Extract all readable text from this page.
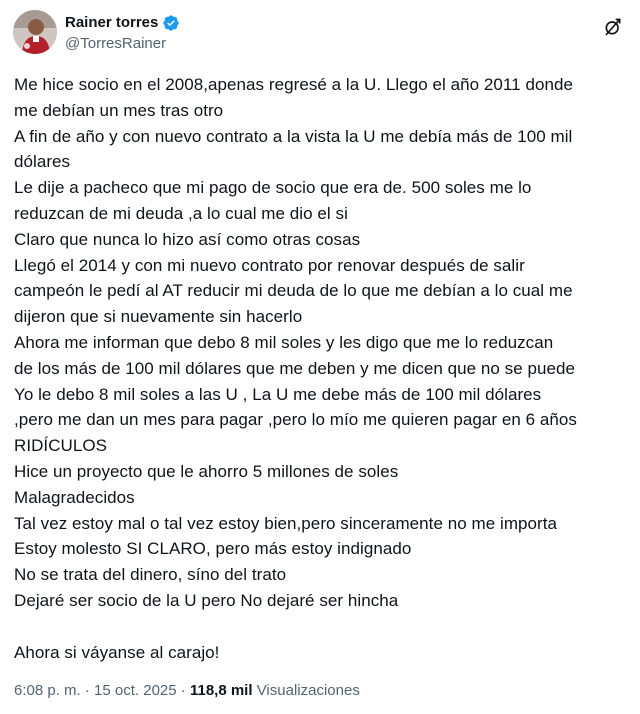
Rainer torres
@TorresRainer
Me hice socio en el 2008,apenas regresé a la U. Llego el año 2011 donde
me debían un mes tras otro
A fin de año y con nuevo contrato a la vista la U me debía más de 100 mil
dólares
Le dije a pacheco que mi pago de socio que era de. 500 soles me lo
reduzcan de mi deuda ,a lo cual me dio el si
Claro que nunca lo hizo así como otras cosas
Llegó el 2014 y con mi nuevo contrato por renovar después de salir
campeón le pedí al AT reducir mi deuda de lo que me debían a lo cual me
dijeron que si nuevamente sin hacerlo
Ahora me informan que debo 8 mil soles y les digo que me lo reduzcan
de los más de 100 mil dólares que me deben y me dicen que no se puede
Yo le debo 8 mil soles a las U , La U me debe más de 100 mil dólares
,pero me dan un mes para pagar ,pero lo mío me quieren pagar en 6 años
RIDÍCULOS
Hice un proyecto que le ahorro 5 millones de soles
Malagradecidos
Tal vez estoy mal o tal vez estoy bien,pero sinceramente no me importa
Estoy molesto SI CLARO, pero más estoy indignado
No se trata del dinero, síno del trato
Dejaré ser socio de la U pero No dejaré ser hincha

Ahora si váyanse al carajo!
6:08 p. m. · 15 oct. 2025 · 118,8 mil Visualizaciones
